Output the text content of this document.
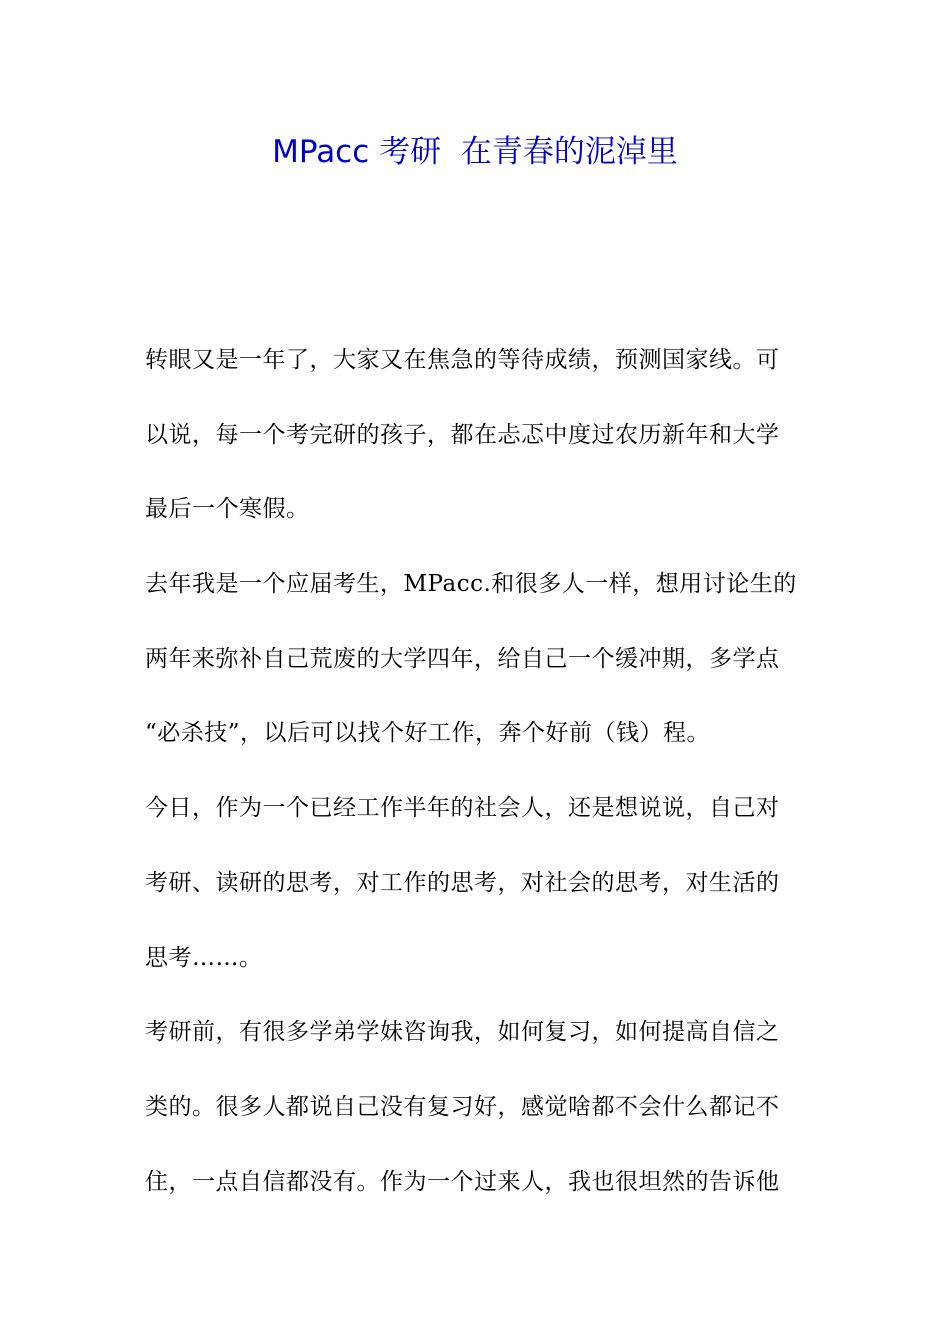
MPacc 考研  在青春的泥淖里
转眼又是一年了，大家又在焦急的等待成绩，预测国家线。可
以说，每一个考完研的孩子，都在忐忑中度过农历新年和大学
最后一个寒假。
去年我是一个应届考生，MPacc.和很多人一样，想用讨论生的
两年来弥补自己荒废的大学四年，给自己一个缓冲期，多学点
“必杀技”，以后可以找个好工作，奔个好前（钱）程。
今日，作为一个已经工作半年的社会人，还是想说说，自己对
考研、读研的思考，对工作的思考，对社会的思考，对生活的
思考……。
考研前，有很多学弟学妹咨询我，如何复习，如何提高自信之
类的。很多人都说自己没有复习好，感觉啥都不会什么都记不
住，一点自信都没有。作为一个过来人，我也很坦然的告诉他
